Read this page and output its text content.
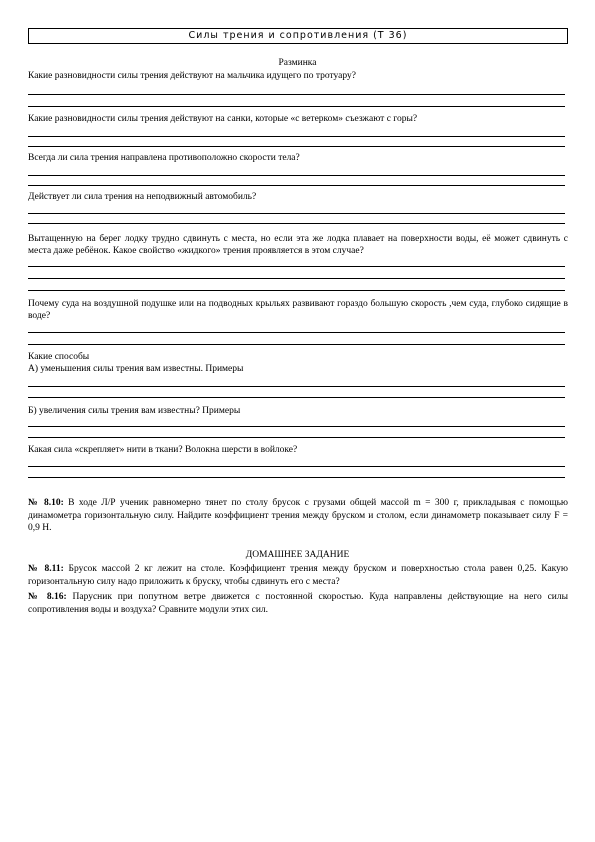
Силы трения и сопротивления (Т 36)
Разминка
Какие разновидности силы трения действуют на мальчика идущего по тротуару?
Какие разновидности силы трения действуют на санки, которые «с ветерком» съезжают с горы?
Всегда ли сила трения направлена противоположно скорости тела?
Действует ли сила трения на неподвижный автомобиль?
Вытащенную на берег лодку трудно сдвинуть с места, но если эта же лодка плавает на поверхности воды, её может сдвинуть с места даже ребёнок. Какое свойство «жидкого» трения проявляется в этом случае?
Почему суда на воздушной подушке или на подводных крыльях развивают гораздо большую скорость ,чем суда, глубоко сидящие в воде?
Какие способы
А) уменьшения силы трения вам известны. Примеры
Б) увеличения силы трения вам известны? Примеры
Какая сила «скрепляет» нити в ткани? Волокна шерсти в войлоке?
№ 8.10: В ходе Л/Р ученик равномерно тянет по столу брусок с грузами общей массой m = 300 г, прикладывая с помощью динамометра горизонтальную силу. Найдите коэффициент трения между бруском и столом, если динамометр показывает силу F = 0,9 Н.
ДОМАШНЕЕ ЗАДАНИЕ
№ 8.11: Брусок массой 2 кг лежит на столе. Коэффициент трения между бруском и поверхностью стола равен 0,25. Какую горизонтальную силу надо приложить к бруску, чтобы сдвинуть его с места?
№ 8.16: Парусник при попутном ветре движется с постоянной скоростью. Куда направлены действующие на него силы сопротивления воды и воздуха? Сравните модули этих сил.
